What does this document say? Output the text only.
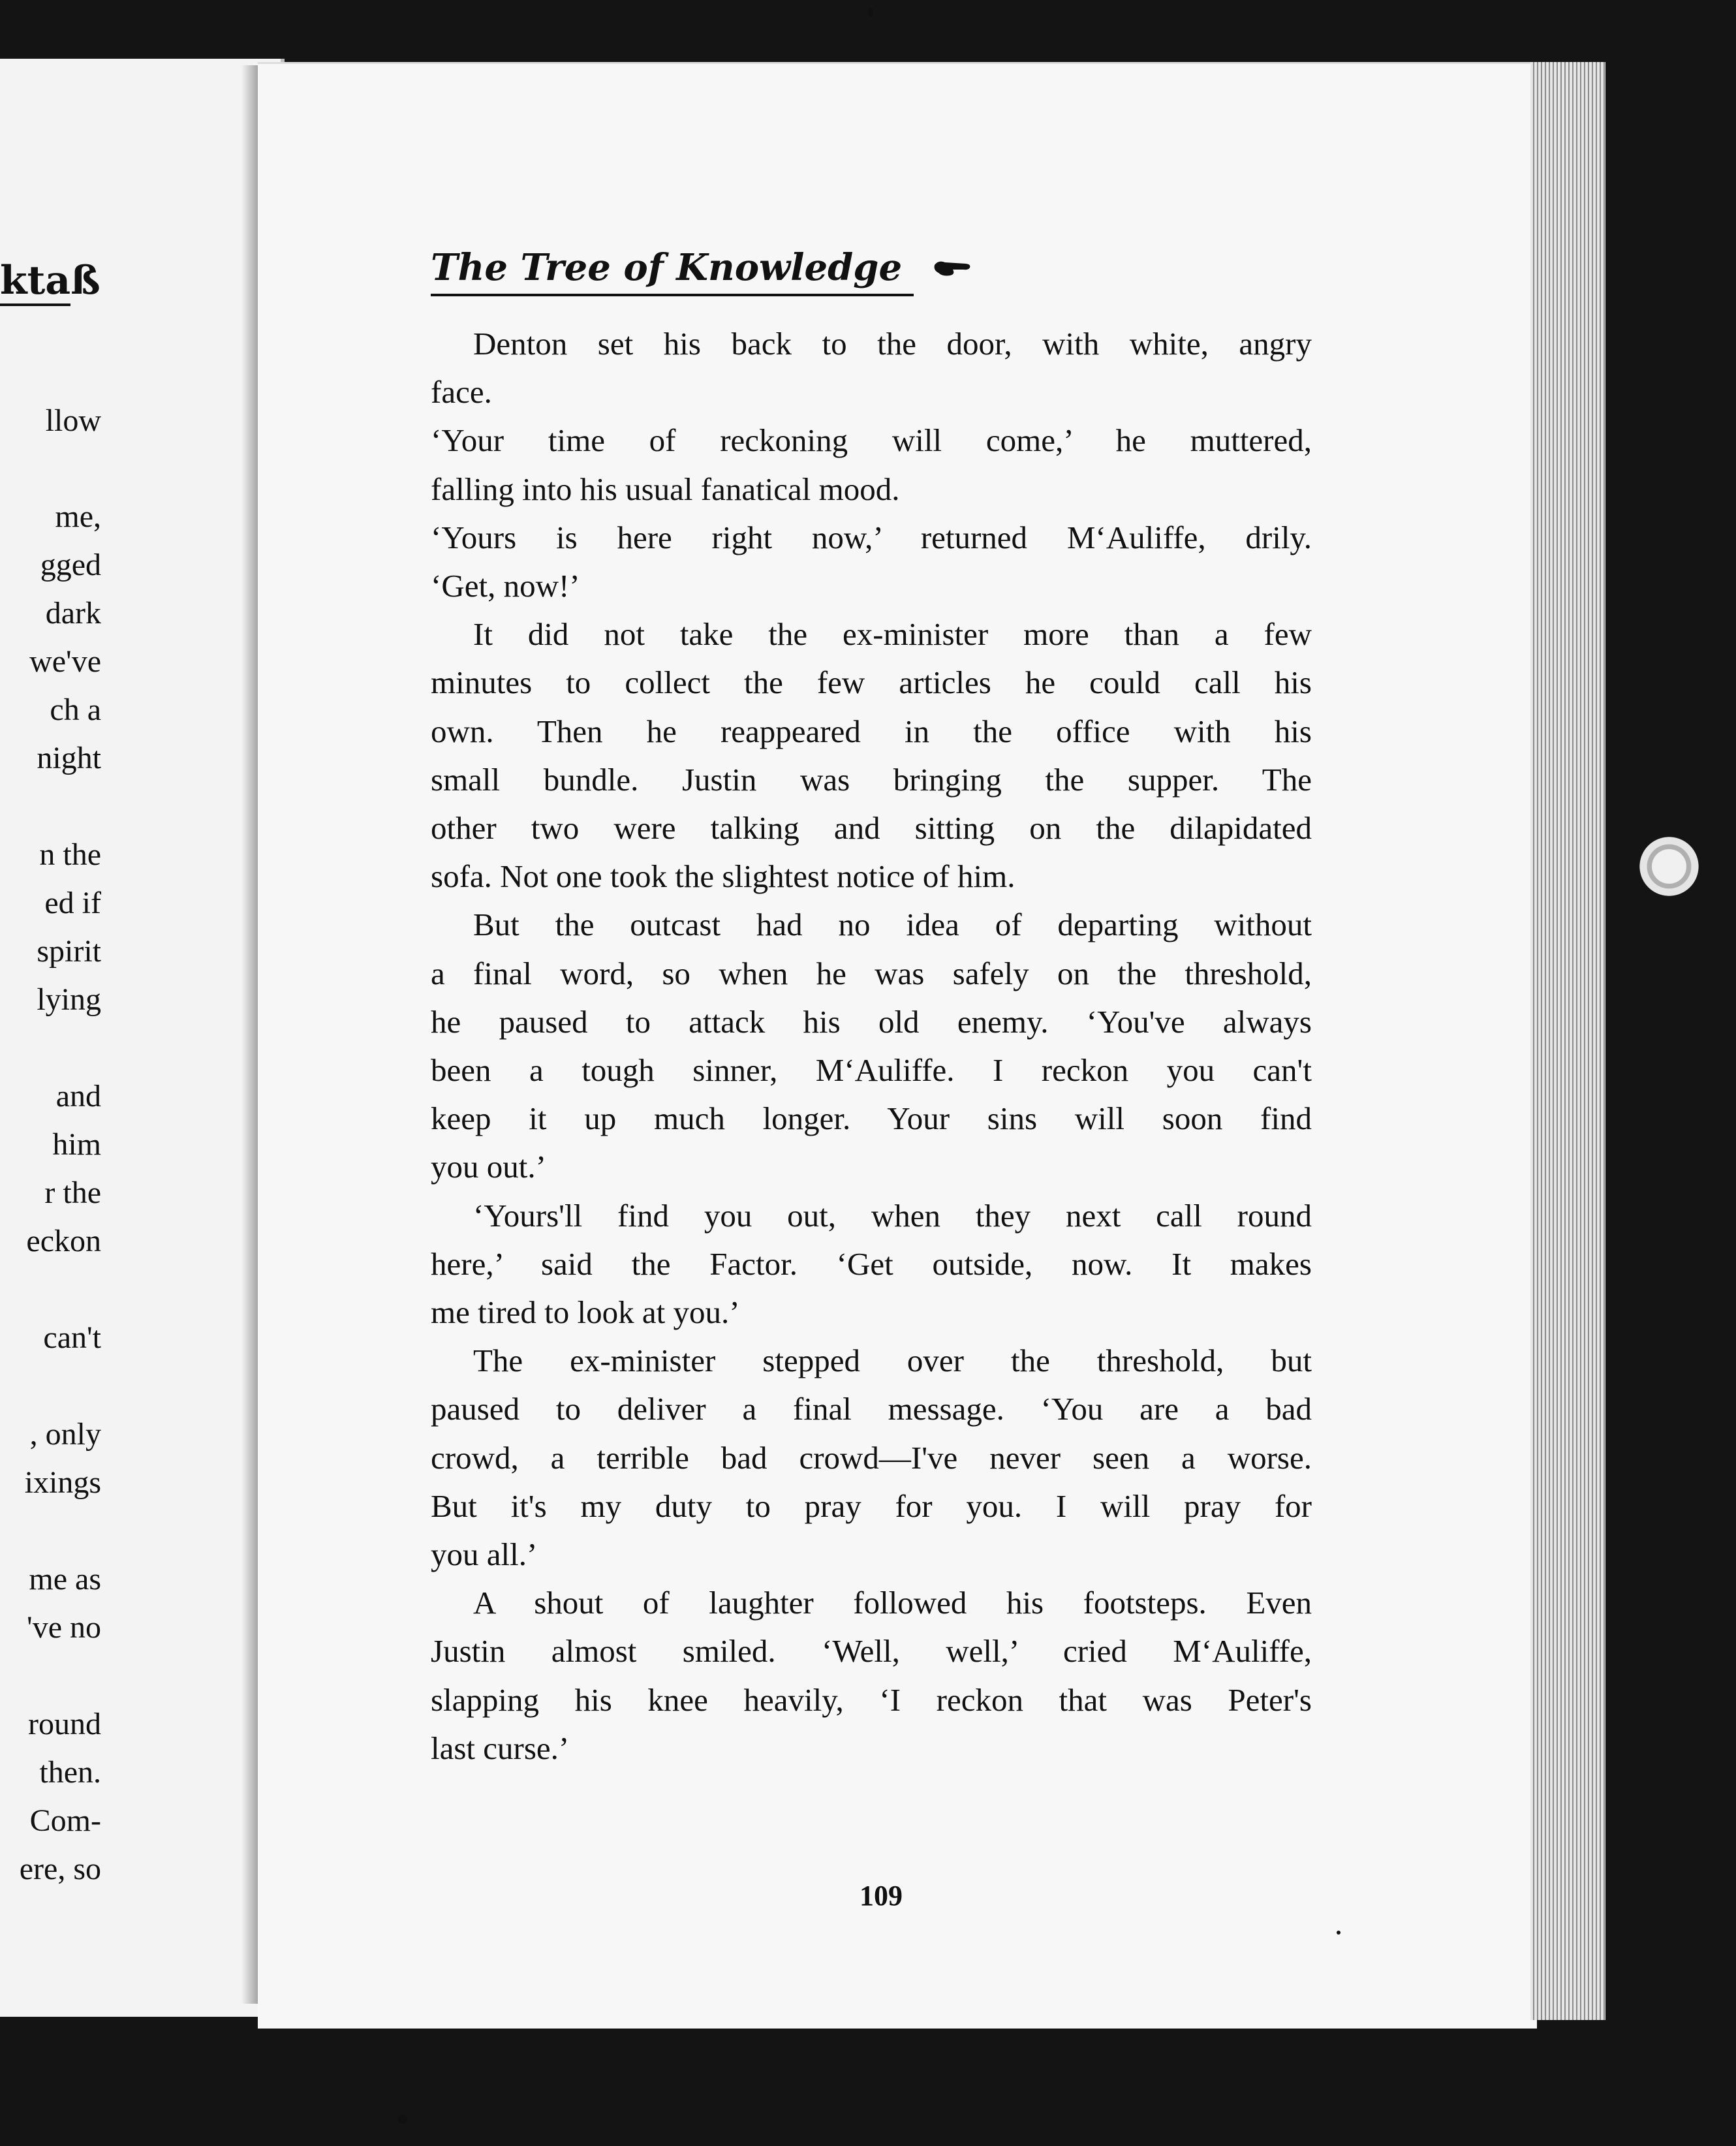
ktaß
llow
me,
gged
dark
we've
ch a
night
n the
ed if
spirit
lying
and
him
r the
eckon
can't
, only
ixings
me as
've no
round
then.
Com-
ere, so
The Tree of Knowledge
Denton set his back to the door, with white, angry
face.
‘Your time of reckoning will come,’ he muttered,
falling into his usual fanatical mood.
‘Yours is here right now,’ returned M‘Auliffe, drily.
‘Get, now!’
It did not take the ex-minister more than a few
minutes to collect the few articles he could call his
own. Then he reappeared in the office with his
small bundle. Justin was bringing the supper. The
other two were talking and sitting on the dilapidated
sofa. Not one took the slightest notice of him.
But the outcast had no idea of departing without
a final word, so when he was safely on the threshold,
he paused to attack his old enemy. ‘You've always
been a tough sinner, M‘Auliffe. I reckon you can't
keep it up much longer. Your sins will soon find
you out.’
‘Yours'll find you out, when they next call round
here,’ said the Factor. ‘Get outside, now. It makes
me tired to look at you.’
The ex-minister stepped over the threshold, but
paused to deliver a final message. ‘You are a bad
crowd, a terrible bad crowd—I've never seen a worse.
But it's my duty to pray for you. I will pray for
you all.’
A shout of laughter followed his footsteps. Even
Justin almost smiled. ‘Well, well,’ cried M‘Auliffe,
slapping his knee heavily, ‘I reckon that was Peter's
last curse.’
109
